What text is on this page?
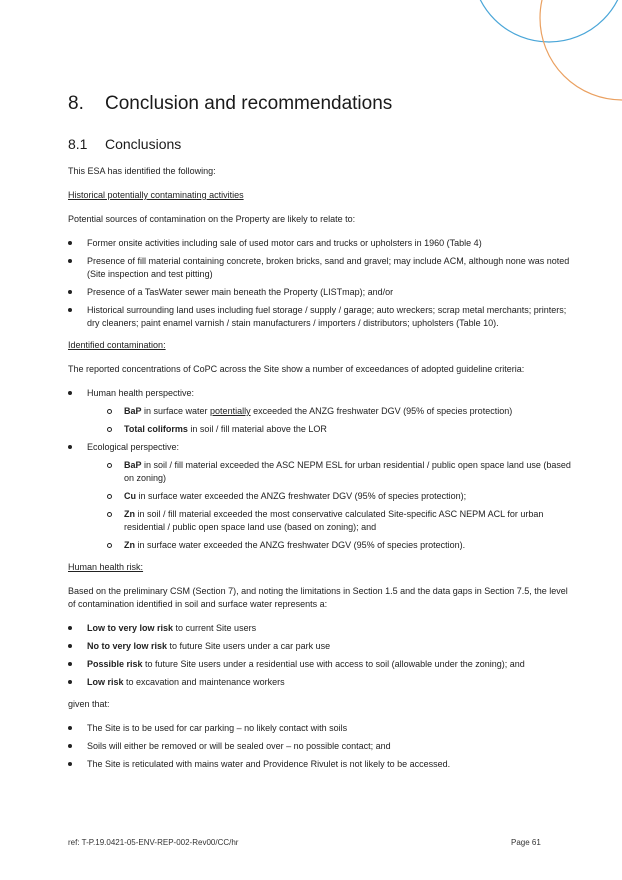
8. Conclusion and recommendations
8.1 Conclusions

This ESA has identified the following:

Historical potentially contaminating activities

Potential sources of contamination on the Property are likely to relate to:

Former onsite activities including sale of used motor cars and trucks or upholsters in 1960 (Table 4)
Presence of fill material containing concrete, broken bricks, sand and gravel; may include ACM, although none was noted (Site inspection and test pitting)
Presence of a TasWater sewer main beneath the Property (LISTmap); and/or
Historical surrounding land uses including fuel storage / supply / garage; auto wreckers; scrap metal merchants; printers; dry cleaners; paint enamel varnish / stain manufacturers / importers / distributors; upholsters (Table 10).

Identified contamination:

The reported concentrations of CoPC across the Site show a number of exceedances of adopted guideline criteria:

Human health perspective:
BaP in surface water potentially exceeded the ANZG freshwater DGV (95% of species protection)
Total coliforms in soil / fill material above the LOR
Ecological perspective:
BaP in soil / fill material exceeded the ASC NEPM ESL for urban residential / public open space land use (based on zoning)
Cu in surface water exceeded the ANZG freshwater DGV (95% of species protection);
Zn in soil / fill material exceeded the most conservative calculated Site-specific ASC NEPM ACL for urban residential / public open space land use (based on zoning); and
Zn in surface water exceeded the ANZG freshwater DGV (95% of species protection).

Human health risk:

Based on the preliminary CSM (Section 7), and noting the limitations in Section 1.5 and the data gaps in Section 7.5, the level of contamination identified in soil and surface water represents a:

Low to very low risk to current Site users
No to very low risk to future Site users under a car park use
Possible risk to future Site users under a residential use with access to soil (allowable under the zoning); and
Low risk to excavation and maintenance workers

given that:

The Site is to be used for car parking – no likely contact with soils
Soils will either be removed or will be sealed over – no possible contact; and
The Site is reticulated with mains water and Providence Rivulet is not likely to be accessed.
ref: T-P.19.0421-05-ENV-REP-002-Rev00/CC/hr	Page 61
